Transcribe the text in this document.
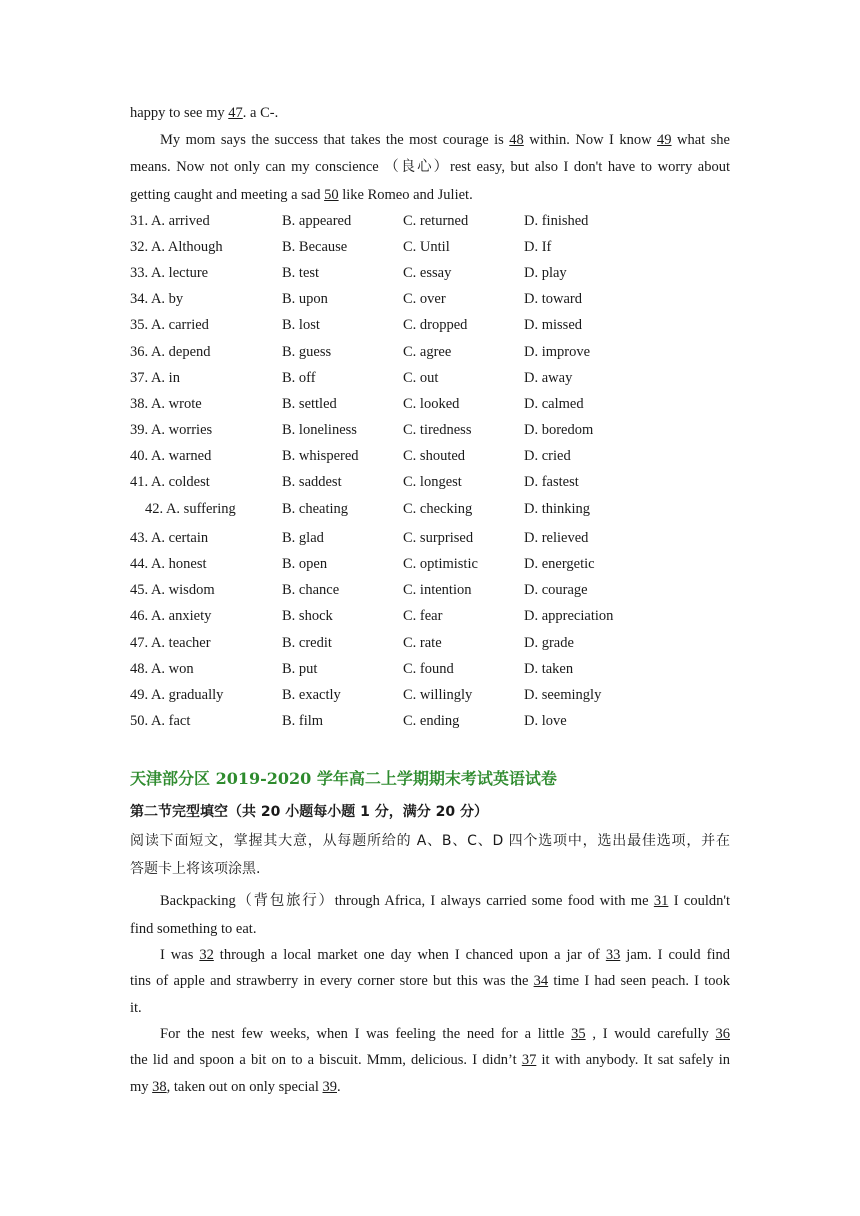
happy to see my 47. a C-.
My mom says the success that takes the most courage is 48 within. Now I know 49 what she
means. Now not only can my conscience （良心）rest easy, but also I don't have to worry about
getting caught and meeting a sad 50 like Romeo and Juliet.
31. A. arrived	B. appeared	C. returned	D. finished
32. A. Although	B. Because	C. Until	D. If
33. A. lecture	B. test	C. essay	D. play
34. A. by	B. upon	C. over	D. toward
35. A. carried	B. lost	C. dropped	D. missed
36. A. depend	B. guess	C. agree	D. improve
37. A. in	B. off	C. out	D. away
38. A. wrote	B. settled	C. looked	D. calmed
39. A. worries	B. loneliness	C. tiredness	D. boredom
40. A. warned	B. whispered	C. shouted	D. cried
41. A. coldest	B. saddest	C. longest	D. fastest
42. A. suffering	B. cheating	C. checking	D. thinking
43. A. certain	B. glad	C. surprised	D. relieved
44. A. honest	B. open	C. optimistic	D. energetic
45. A. wisdom	B. chance	C. intention	D. courage
46. A. anxiety	B. shock	C. fear	D. appreciation
47. A. teacher	B. credit	C. rate	D. grade
48. A. won	B. put	C. found	D. taken
49. A. gradually	B. exactly	C. willingly	D. seemingly
50. A. fact	B. film	C. ending	D. love
天津部分区 2019-2020 学年高二上学期期末考试英语试卷
第二节完型填空（共 20 小题每小题 1 分，满分 20 分）
阅读下面短文，掌握其大意，从每题所给的 A、B、C、D 四个选项中，选出最佳选项，并在
答题卡上将该项涂黑.
Backpacking（背包旅行）through Africa, I always carried some food with me 31 I couldn't
find something to eat.
I was 32 through a local market one day when I chanced upon a jar of 33 jam. I could find
tins of apple and strawberry in every corner store but this was the 34 time I had seen peach. I took
it.
For the nest few weeks, when I was feeling the need for a little 35 , I would carefully 36
the lid and spoon a bit on to a biscuit. Mmm, delicious. I didn’t 37 it with anybody. It sat safely in
my 38, taken out on only special 39.
